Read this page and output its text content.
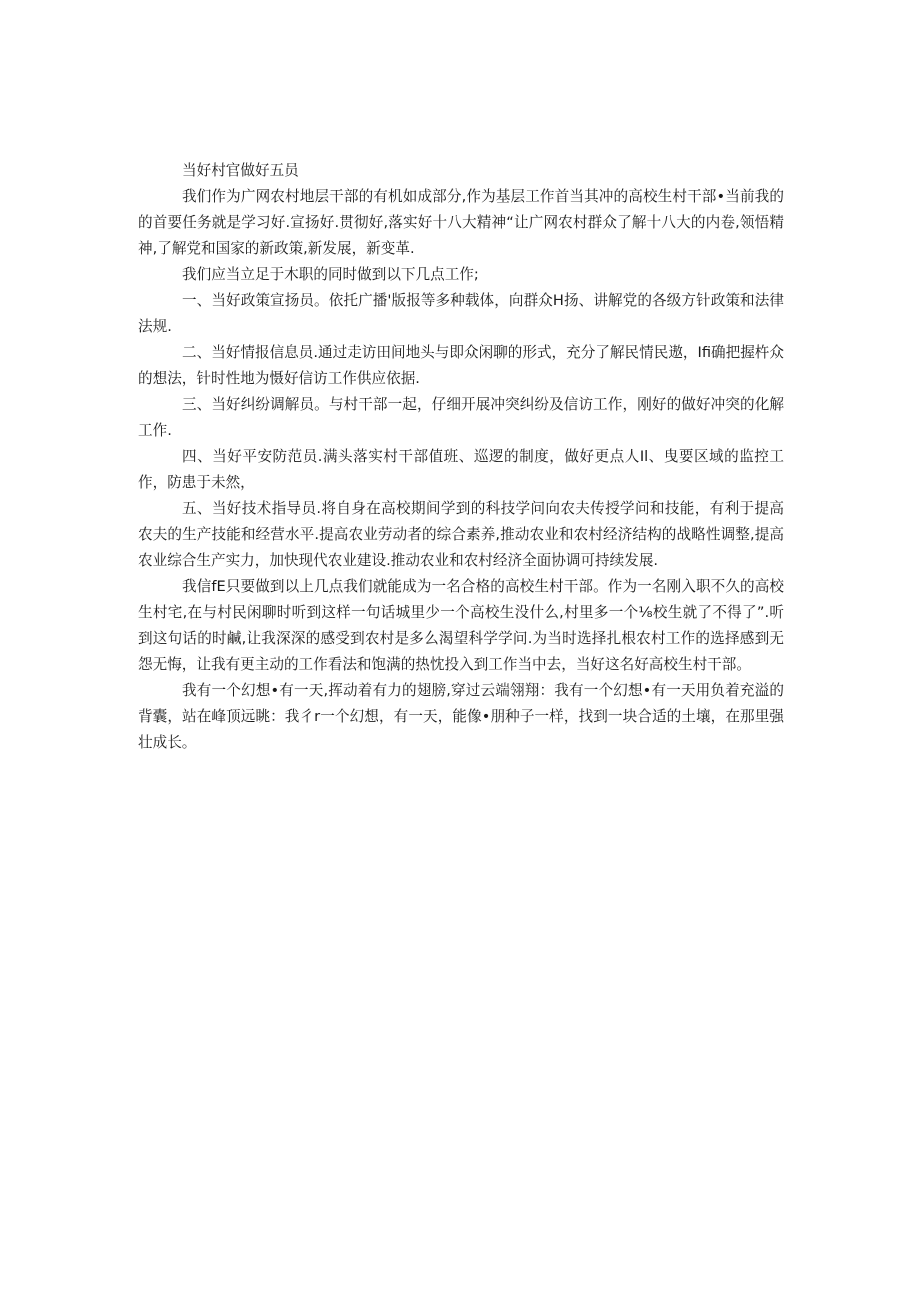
当好村官做好五员

我们作为广网农村地层干部的有机如成部分,作为基层工作首当其冲的高校生村干部•当前我的的首要任务就是学习好.宣扬好.贯彻好,落实好十八大精神“让广网农村群众了解十八大的内卷,领悟精神,了解党和国家的新政策,新发展，新变革.

我们应当立足于木职的同时做到以下几点工作;

一、当好政策宣扬员。依托广播'版报等多种载体，向群众H扬、讲解党的各级方针政策和法律法规.

二、当好情报信息员.通过走访田间地头与即众闲聊的形式，充分了解民情民遨，Ifi确把握杵众的想法，针时性地为慑好信访工作供应依据.

三、当好纠纷调解员。与村干部一起，仔细开展冲突纠纷及信访工作，刚好的做好冲突的化解工作.

四、当好平安防范员.满头落实村干部值班、巡逻的制度，做好更点人Il、曳要区域的监控工作，防患于未然，

五、当好技术指导员.将自身在高校期间学到的科技学问向农夫传授学问和技能，有利于提高农夫的生产技能和经营水平.提高农业劳动者的综合素养,推动农业和农村经济结构的战略性调整,提高农业综合生产实力，加快现代农业建设.推动农业和农村经济全面协调可持续发展.

我信fE只要做到以上几点我们就能成为一名合格的高校生村干部。作为一名刚入职不久的高校生村宅,在与村民闲聊时听到这样一句话城里少一个高校生没什么,村里多一个⅛校生就了不得了”.听到这句话的时鹹,让我深深的感受到农村是多么渴望科学学问.为当时选择扎根农村工作的选择感到无怨无悔，让我有更主动的工作看法和饱满的热忱投入到工作当中去，当好这名好高校生村干部。

我有一个幻想•有一天,挥动着有力的翅膀,穿过云端翎翔：我有一个幻想•有一天用负着充溢的背囊，站在峰顶远眺：我彳r一个幻想，有一天，能像•朋种子一样，找到一块合适的土壤，在那里强壮成长。
